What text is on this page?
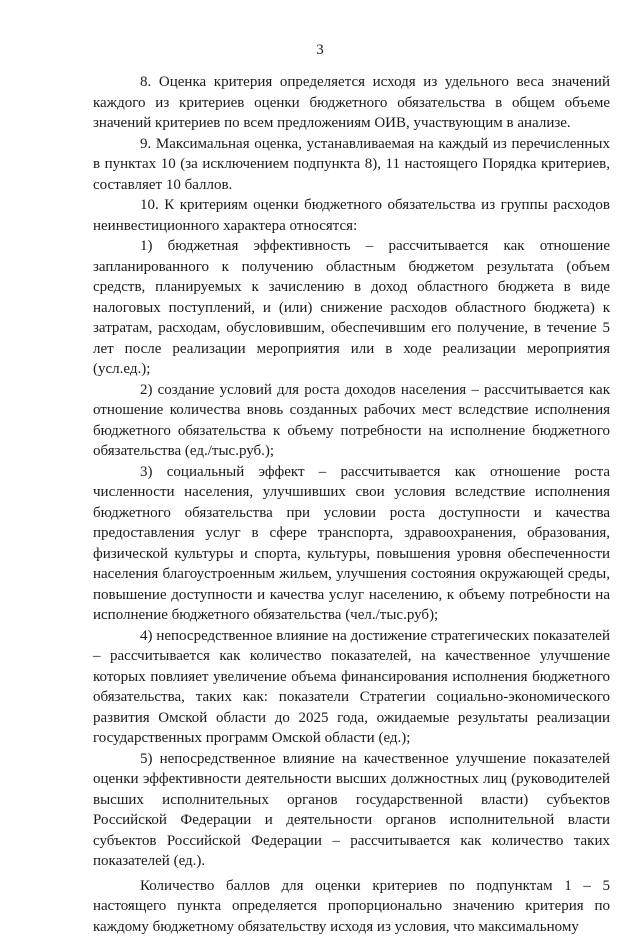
3

8. Оценка критерия определяется исходя из удельного веса значений каждого из критериев оценки бюджетного обязательства в общем объеме значений критериев по всем предложениям ОИВ, участвующим в анализе.

9. Максимальная оценка, устанавливаемая на каждый из перечисленных в пунктах 10 (за исключением подпункта 8), 11 настоящего Порядка критериев, составляет 10 баллов.

10. К критериям оценки бюджетного обязательства из группы расходов неинвестиционного характера относятся:

1) бюджетная эффективность – рассчитывается как отношение запланированного к получению областным бюджетом результата (объем средств, планируемых к зачислению в доход областного бюджета в виде налоговых поступлений, и (или) снижение расходов областного бюджета) к затратам, расходам, обусловившим, обеспечившим его получение, в течение 5 лет после реализации мероприятия или в ходе реализации мероприятия (усл.ед.);

2) создание условий для роста доходов населения – рассчитывается как отношение количества вновь созданных рабочих мест вследствие исполнения бюджетного обязательства к объему потребности на исполнение бюджетного обязательства (ед./тыс.руб.);

3) социальный эффект – рассчитывается как отношение роста численности населения, улучшивших свои условия вследствие исполнения бюджетного обязательства при условии роста доступности и качества предоставления услуг в сфере транспорта, здравоохранения, образования, физической культуры и спорта, культуры, повышения уровня обеспеченности населения благоустроенным жильем, улучшения состояния окружающей среды, повышение доступности и качества услуг населению, к объему потребности на исполнение бюджетного обязательства (чел./тыс.руб);

4) непосредственное влияние на достижение стратегических показателей – рассчитывается как количество показателей, на качественное улучшение которых повлияет увеличение объема финансирования исполнения бюджетного обязательства, таких как: показатели Стратегии социально-экономического развития Омской области до 2025 года, ожидаемые результаты реализации государственных программ Омской области (ед.);

5) непосредственное влияние на качественное улучшение показателей оценки эффективности деятельности высших должностных лиц (руководителей высших исполнительных органов государственной власти) субъектов Российской Федерации и деятельности органов исполнительной власти субъектов Российской Федерации – рассчитывается как количество таких показателей (ед.).

Количество баллов для оценки критериев по подпунктам 1 – 5 настоящего пункта определяется пропорционально значению критерия по каждому бюджетному обязательству исходя из условия, что максимальному
